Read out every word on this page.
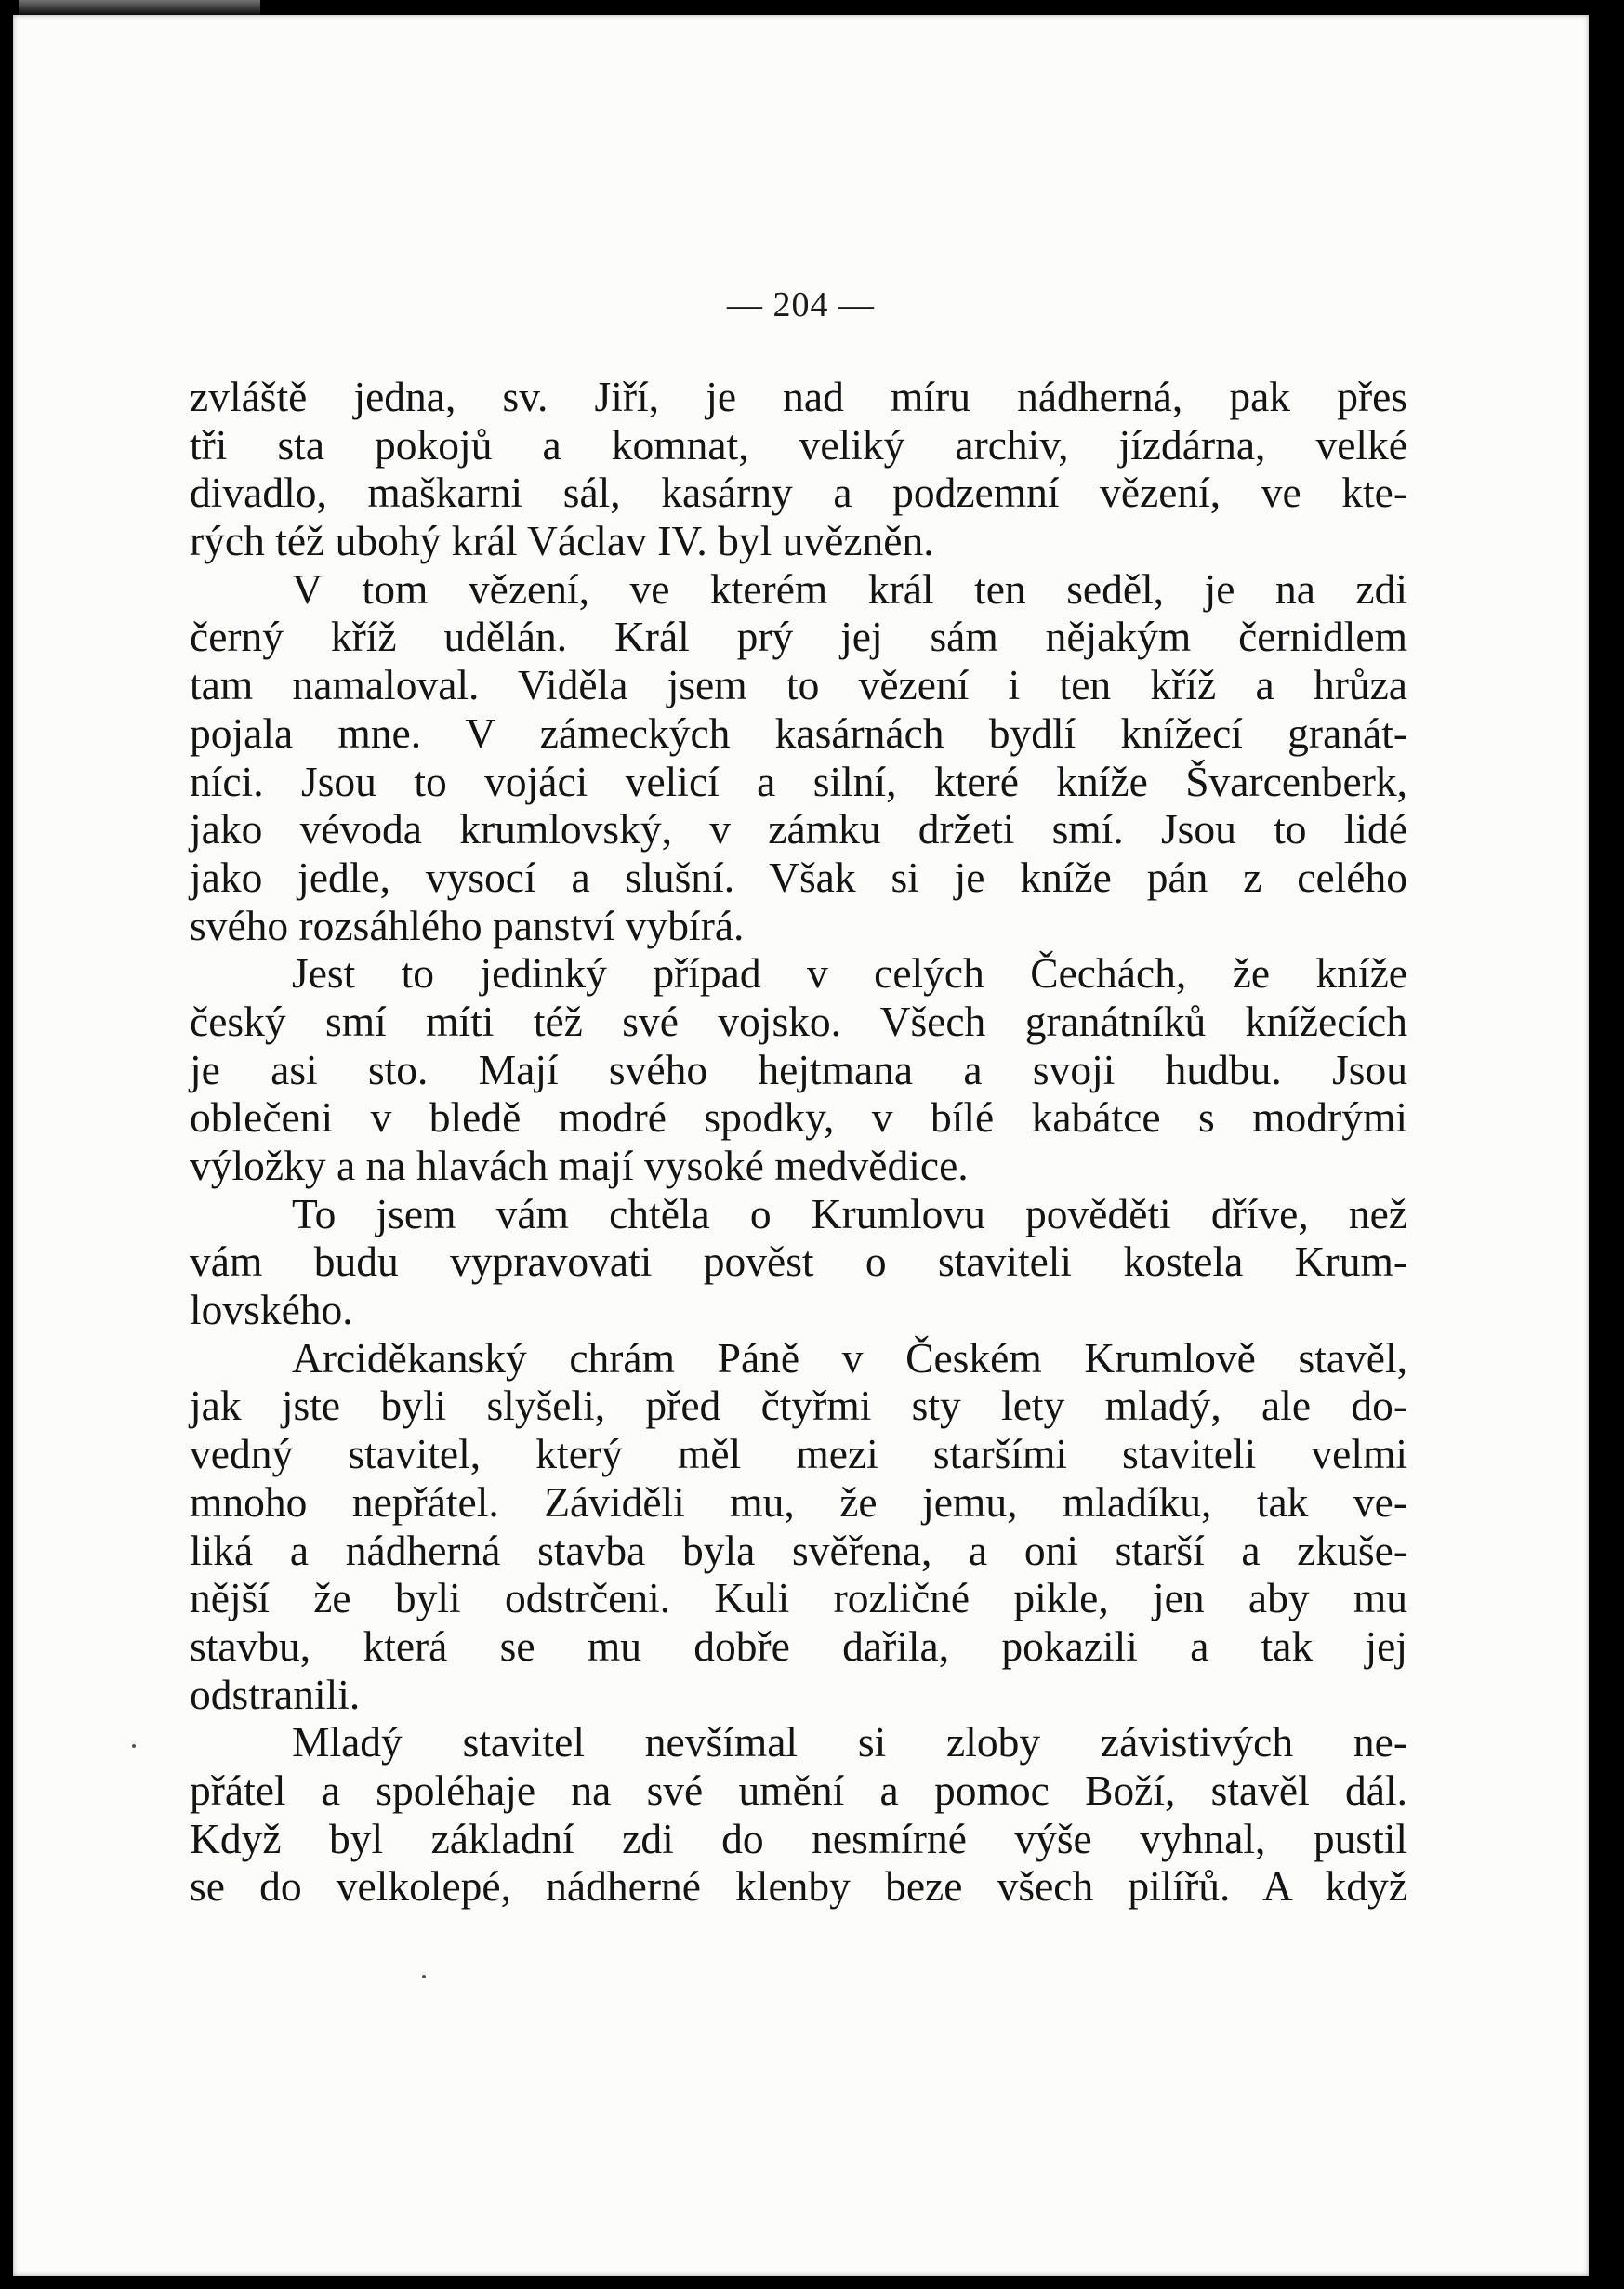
— 204 —
zvláště jedna, sv. Jiří, je nad míru nádherná, pak přes
tři sta pokojů a komnat, veliký archiv, jízdárna, velké
divadlo, maškarni sál, kasárny a podzemní vězení, ve kte-
rých též ubohý král Václav IV. byl uvězněn.
V tom vězení, ve kterém král ten seděl, je na zdi
černý kříž udělán. Král prý jej sám nějakým černidlem
tam namaloval. Viděla jsem to vězení i ten kříž a hrůza
pojala mne. V zámeckých kasárnách bydlí knížecí granát-
níci. Jsou to vojáci velicí a silní, které kníže Švarcenberk,
jako vévoda krumlovský, v zámku držeti smí. Jsou to lidé
jako jedle, vysocí a slušní. Však si je kníže pán z celého
svého rozsáhlého panství vybírá.
Jest to jedinký případ v celých Čechách, že kníže
český smí míti též své vojsko. Všech granátníků knížecích
je asi sto. Mají svého hejtmana a svoji hudbu. Jsou
oblečeni v bledě modré spodky, v bílé kabátce s modrými
výložky a na hlavách mají vysoké medvědice.
To jsem vám chtěla o Krumlovu pověděti dříve, než
vám budu vypravovati pověst o staviteli kostela Krum-
lovského.
Arciděkanský chrám Páně v Českém Krumlově stavěl,
jak jste byli slyšeli, před čtyřmi sty lety mladý, ale do-
vedný stavitel, který měl mezi staršími staviteli velmi
mnoho nepřátel. Záviděli mu, že jemu, mladíku, tak ve-
liká a nádherná stavba byla svěřena, a oni starší a zkuše-
nější že byli odstrčeni. Kuli rozličné pikle, jen aby mu
stavbu, která se mu dobře dařila, pokazili a tak jej
odstranili.
Mladý stavitel nevšímal si zloby závistivých ne-
přátel a spoléhaje na své umění a pomoc Boží, stavěl dál.
Když byl základní zdi do nesmírné výše vyhnal, pustil
se do velkolepé, nádherné klenby beze všech pilířů. A když
